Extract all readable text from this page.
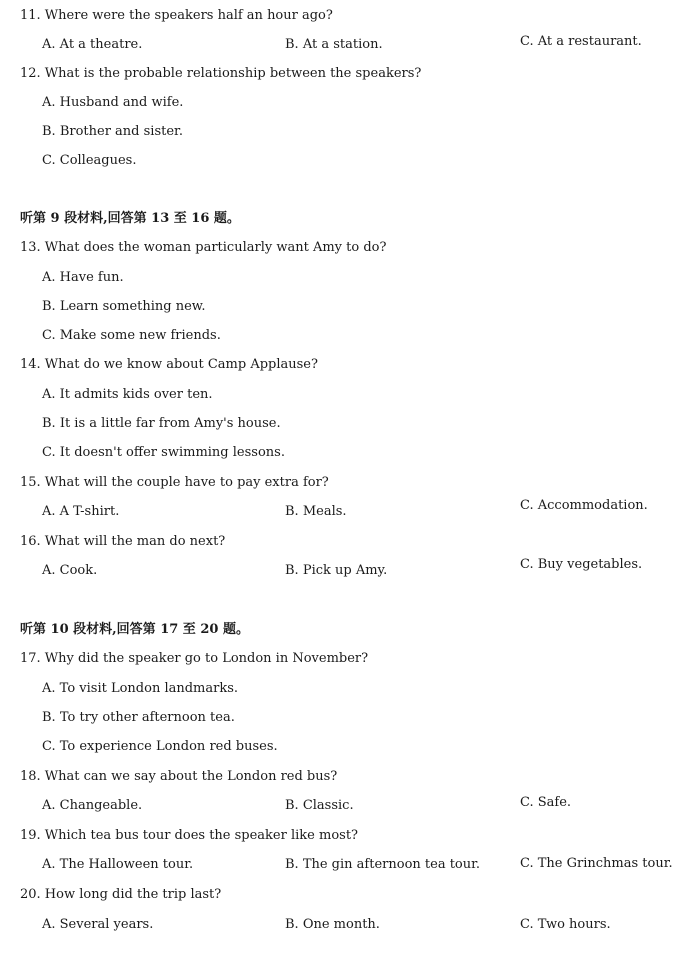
11. Where were the speakers half an hour ago?
A. At a theatre.	B. At a station.	C. At a restaurant.
12. What is the probable relationship between the speakers?
A. Husband and wife.
B. Brother and sister.
C. Colleagues.
听第 9 段材料,回答第 13 至 16 题。
13. What does the woman particularly want Amy to do?
A. Have fun.
B. Learn something new.
C. Make some new friends.
14. What do we know about Camp Applause?
A. It admits kids over ten.
B. It is a little far from Amy's house.
C. It doesn't offer swimming lessons.
15. What will the couple have to pay extra for?
A. A T-shirt.	B. Meals.	C. Accommodation.
16. What will the man do next?
A. Cook.	B. Pick up Amy.	C. Buy vegetables.
听第 10 段材料,回答第 17 至 20 题。
17. Why did the speaker go to London in November?
A. To visit London landmarks.
B. To try other afternoon tea.
C. To experience London red buses.
18. What can we say about the London red bus?
A. Changeable.	B. Classic.	C. Safe.
19. Which tea bus tour does the speaker like most?
A. The Halloween tour.	B. The gin afternoon tea tour.	C. The Grinchmas tour.
20. How long did the trip last?
A. Several years.	B. One month.	C. Two hours.
